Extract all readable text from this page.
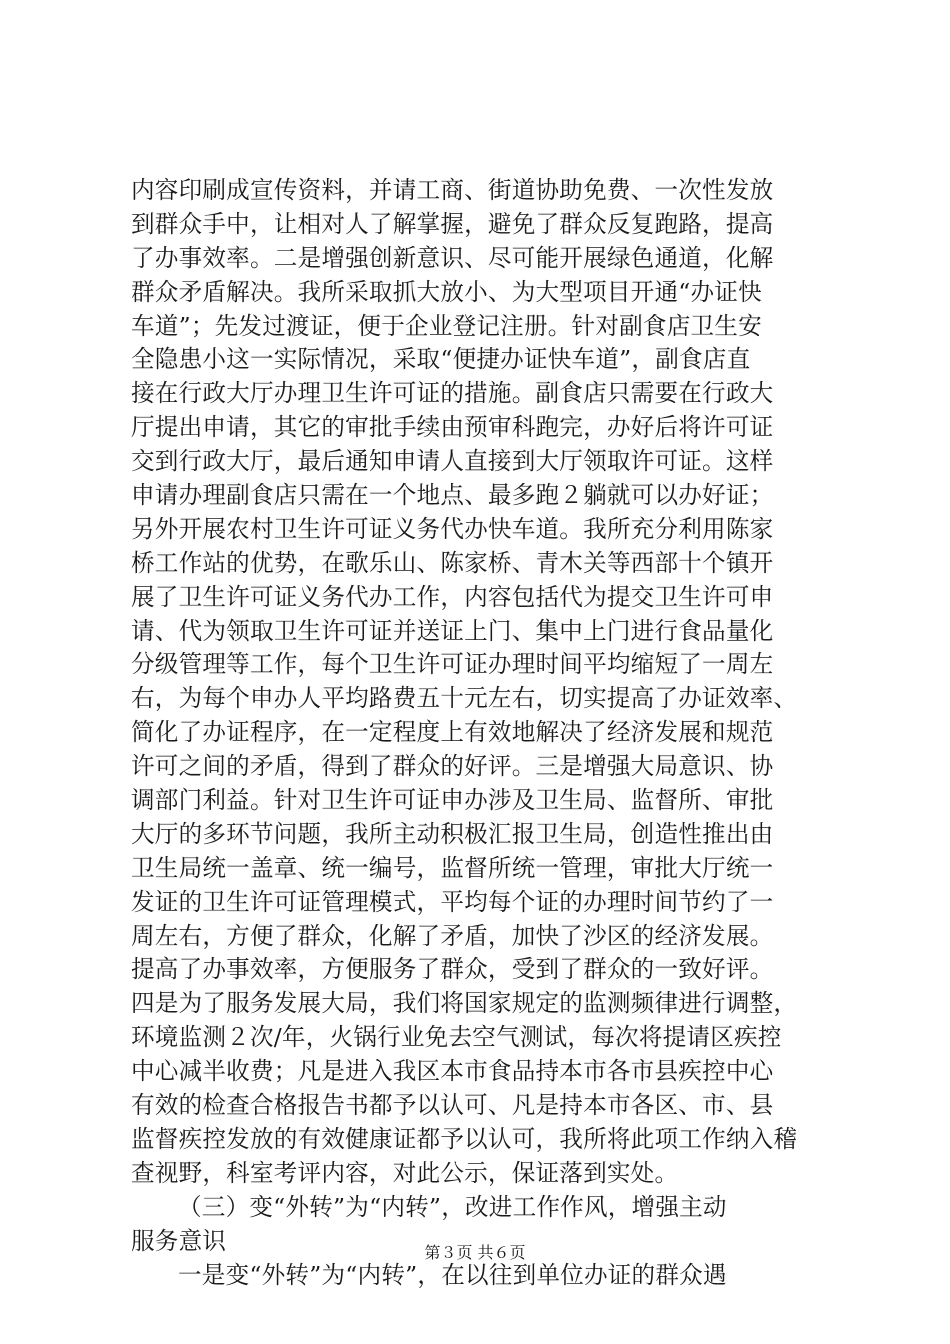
内容印刷成宣传资料，并请工商、街道协助免费、一次性发放
到群众手中，让相对人了解掌握，避免了群众反复跑路，提高
了办事效率。二是增强创新意识、尽可能开展绿色通道，化解
群众矛盾解决。我所采取抓大放小、为大型项目开通“办证快
车道”；先发过渡证，便于企业登记注册。针对副食店卫生安
全隐患小这一实际情况，采取“便捷办证快车道”，副食店直
接在行政大厅办理卫生许可证的措施。副食店只需要在行政大
厅提出申请，其它的审批手续由预审科跑完，办好后将许可证
交到行政大厅，最后通知申请人直接到大厅领取许可证。这样
申请办理副食店只需在一个地点、最多跑２躺就可以办好证；
另外开展农村卫生许可证义务代办快车道。我所充分利用陈家
桥工作站的优势，在歌乐山、陈家桥、青木关等西部十个镇开
展了卫生许可证义务代办工作，内容包括代为提交卫生许可申
请、代为领取卫生许可证并送证上门、集中上门进行食品量化
分级管理等工作，每个卫生许可证办理时间平均缩短了一周左
右，为每个申办人平均路费五十元左右，切实提高了办证效率、
简化了办证程序，在一定程度上有效地解决了经济发展和规范
许可之间的矛盾，得到了群众的好评。三是增强大局意识、协
调部门利益。针对卫生许可证申办涉及卫生局、监督所、审批
大厅的多环节问题，我所主动积极汇报卫生局，创造性推出由
卫生局统一盖章、统一编号，监督所统一管理，审批大厅统一
发证的卫生许可证管理模式，平均每个证的办理时间节约了一
周左右，方便了群众，化解了矛盾，加快了沙区的经济发展。
提高了办事效率，方便服务了群众，受到了群众的一致好评。
四是为了服务发展大局，我们将国家规定的监测频律进行调整，
环境监测２次/年，火锅行业免去空气测试，每次将提请区疾控
中心减半收费；凡是进入我区本市食品持本市各市县疾控中心
有效的检查合格报告书都予以认可、凡是持本市各区、市、县
监督疾控发放的有效健康证都予以认可，我所将此项工作纳入稽
查视野，科室考评内容，对此公示，保证落到实处。
（三）变“外转”为“内转”，改进工作作风，增强主动
服务意识
一是变“外转”为“内转”，在以往到单位办证的群众遇
第３页 共６页
